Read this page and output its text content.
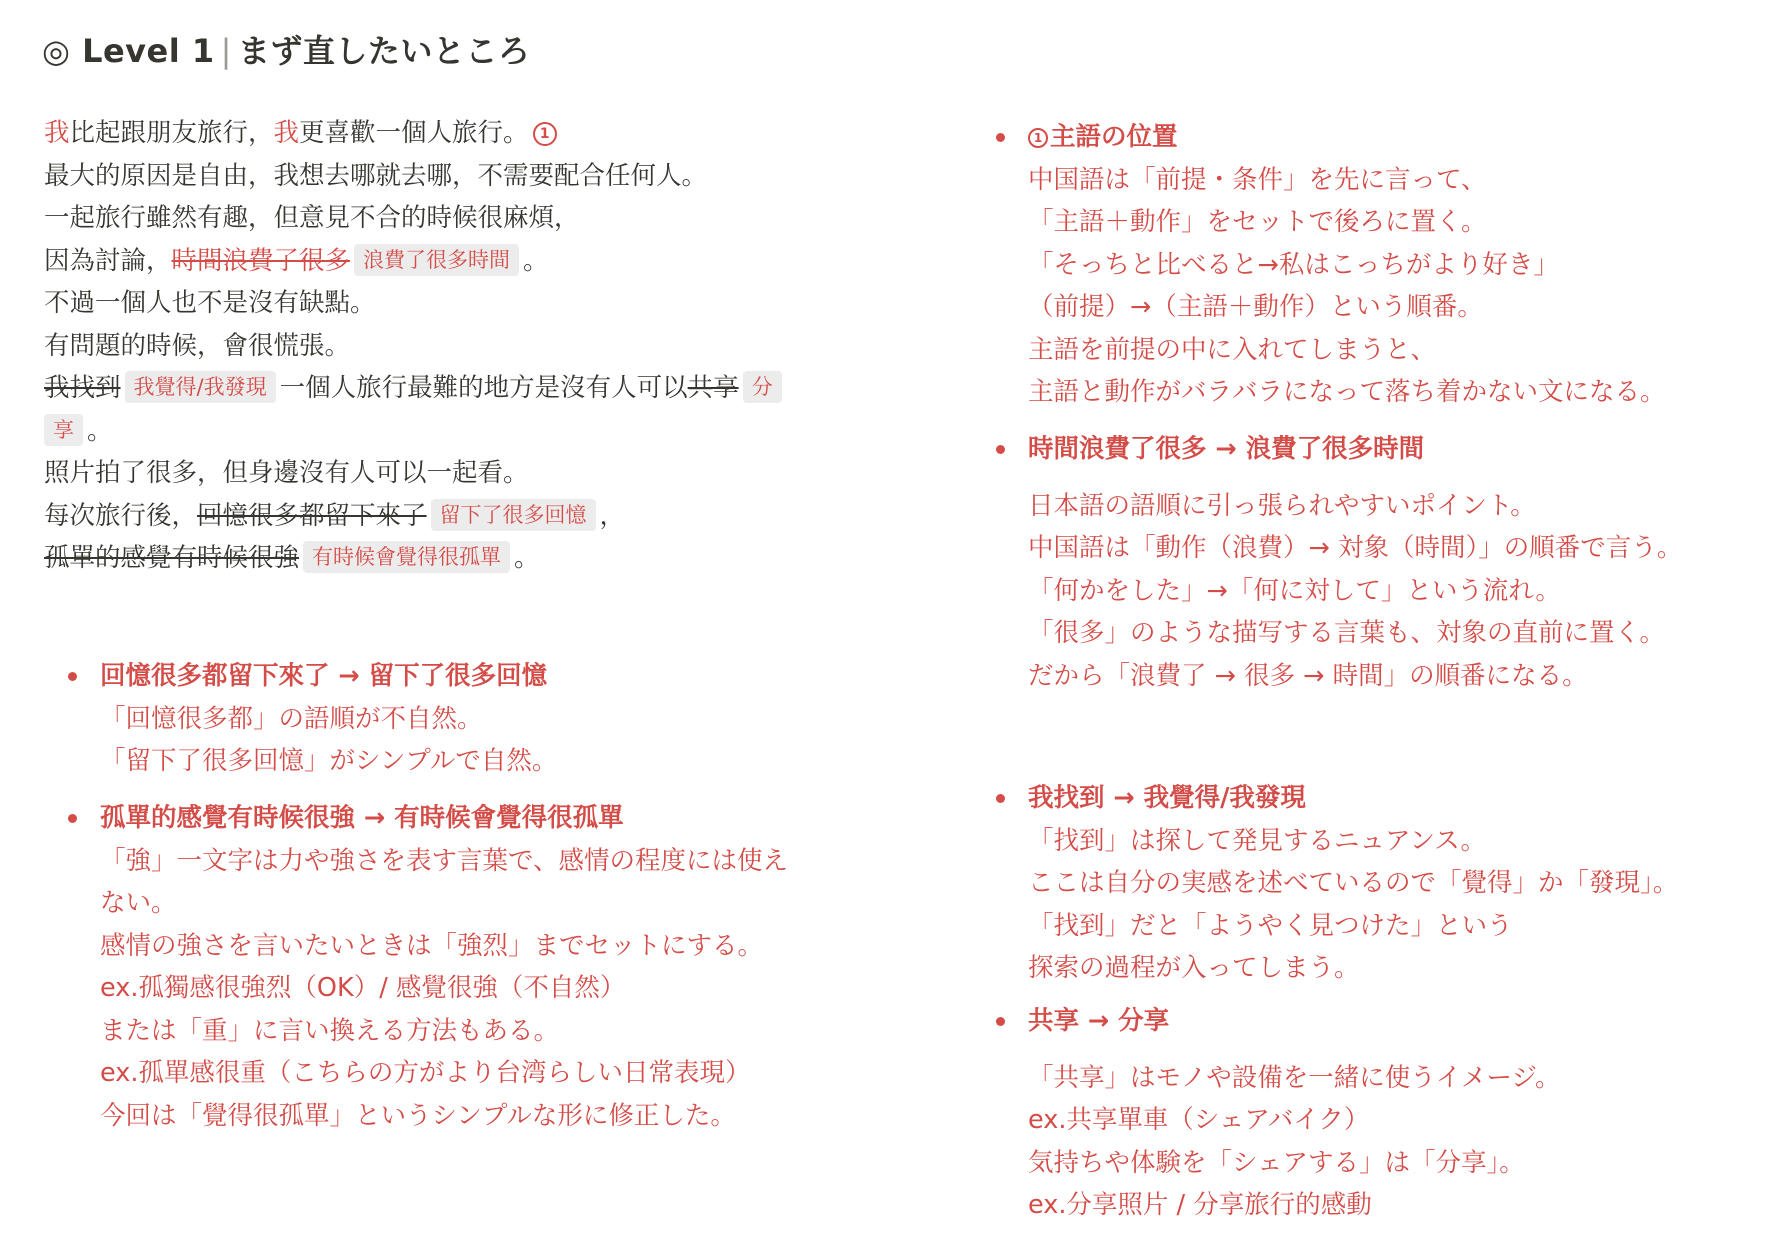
◎ Level 1 | まず直したいところ
我比起跟朋友旅行，我更喜歡一個人旅行。 1
最大的原因是自由，我想去哪就去哪，不需要配合任何人。
一起旅行雖然有趣，但意見不合的時候很麻煩，
因為討論，時間浪費了很多 浪費了很多時間 。
不過一個人也不是沒有缺點。
有問題的時候，會很慌張。
我找到 我覺得/我發現 一個人旅行最難的地方是沒有人可以共享 分
享 。
照片拍了很多，但身邊沒有人可以一起看。
每次旅行後，回憶很多都留下來了 留下了很多回憶 ，
孤單的感覺有時候很強 有時候會覺得很孤單 。
回憶很多都留下來了 → 留下了很多回憶
「回憶很多都」の語順が不自然。
「留下了很多回憶」がシンプルで自然。
孤單的感覺有時候很強 → 有時候會覺得很孤單
「強」一文字は力や強さを表す言葉で、感情の程度には使え
ない。
感情の強さを言いたいときは「強烈」までセットにする。
ex.孤獨感很強烈（OK）/ 感覺很強（不自然）
または「重」に言い換える方法もある。
ex.孤單感很重（こちらの方がより台湾らしい日常表現）
今回は「覺得很孤單」というシンプルな形に修正した。
1 主語の位置
中国語は「前提・条件」を先に言って、
「主語＋動作」をセットで後ろに置く。
「そっちと比べると→私はこっちがより好き」
（前提）→（主語＋動作）という順番。
主語を前提の中に入れてしまうと、
主語と動作がバラバラになって落ち着かない文になる。
時間浪費了很多 → 浪費了很多時間
日本語の語順に引っ張られやすいポイント。
中国語は「動作（浪費）→ 対象（時間）」の順番で言う。
「何かをした」→「何に対して」という流れ。
「很多」のような描写する言葉も、対象の直前に置く。
だから「浪費了 → 很多 → 時間」の順番になる。
我找到 → 我覺得/我發現
「找到」は探して発見するニュアンス。
ここは自分の実感を述べているので「覺得」か「發現」。
「找到」だと「ようやく見つけた」という
探索の過程が入ってしまう。
共享 → 分享
「共享」はモノや設備を一緒に使うイメージ。
ex.共享單車（シェアバイク）
気持ちや体験を「シェアする」は「分享」。
ex.分享照片 / 分享旅行的感動
